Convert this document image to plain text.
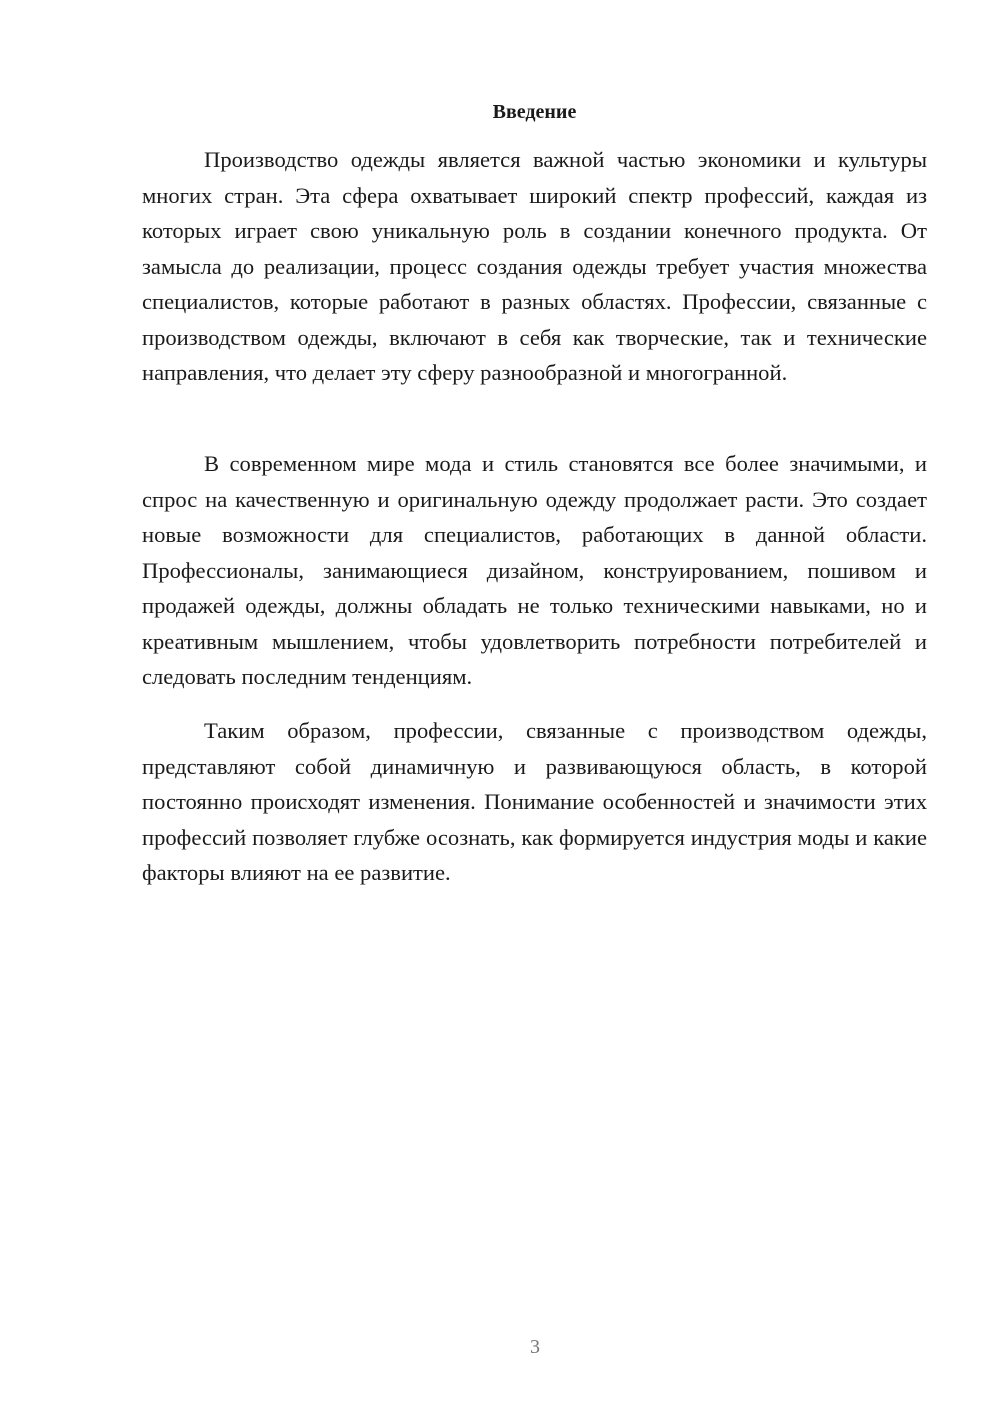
Введение

Производство одежды является важной частью экономики и культуры многих стран. Эта сфера охватывает широкий спектр профессий, каждая из которых играет свою уникальную роль в создании конечного продукта. От замысла до реализации, процесс создания одежды требует участия множества специалистов, которые работают в разных областях. Профессии, связанные с производством одежды, включают в себя как творческие, так и технические направления, что делает эту сферу разнообразной и многогранной.

В современном мире мода и стиль становятся все более значимыми, и спрос на качественную и оригинальную одежду продолжает расти. Это создает новые возможности для специалистов, работающих в данной области. Профессионалы, занимающиеся дизайном, конструированием, пошивом и продажей одежды, должны обладать не только техническими навыками, но и креативным мышлением, чтобы удовлетворить потребности потребителей и следовать последним тенденциям.

Таким образом, профессии, связанные с производством одежды, представляют собой динамичную и развивающуюся область, в которой постоянно происходят изменения. Понимание особенностей и значимости этих профессий позволяет глубже осознать, как формируется индустрия моды и какие факторы влияют на ее развитие.

3
